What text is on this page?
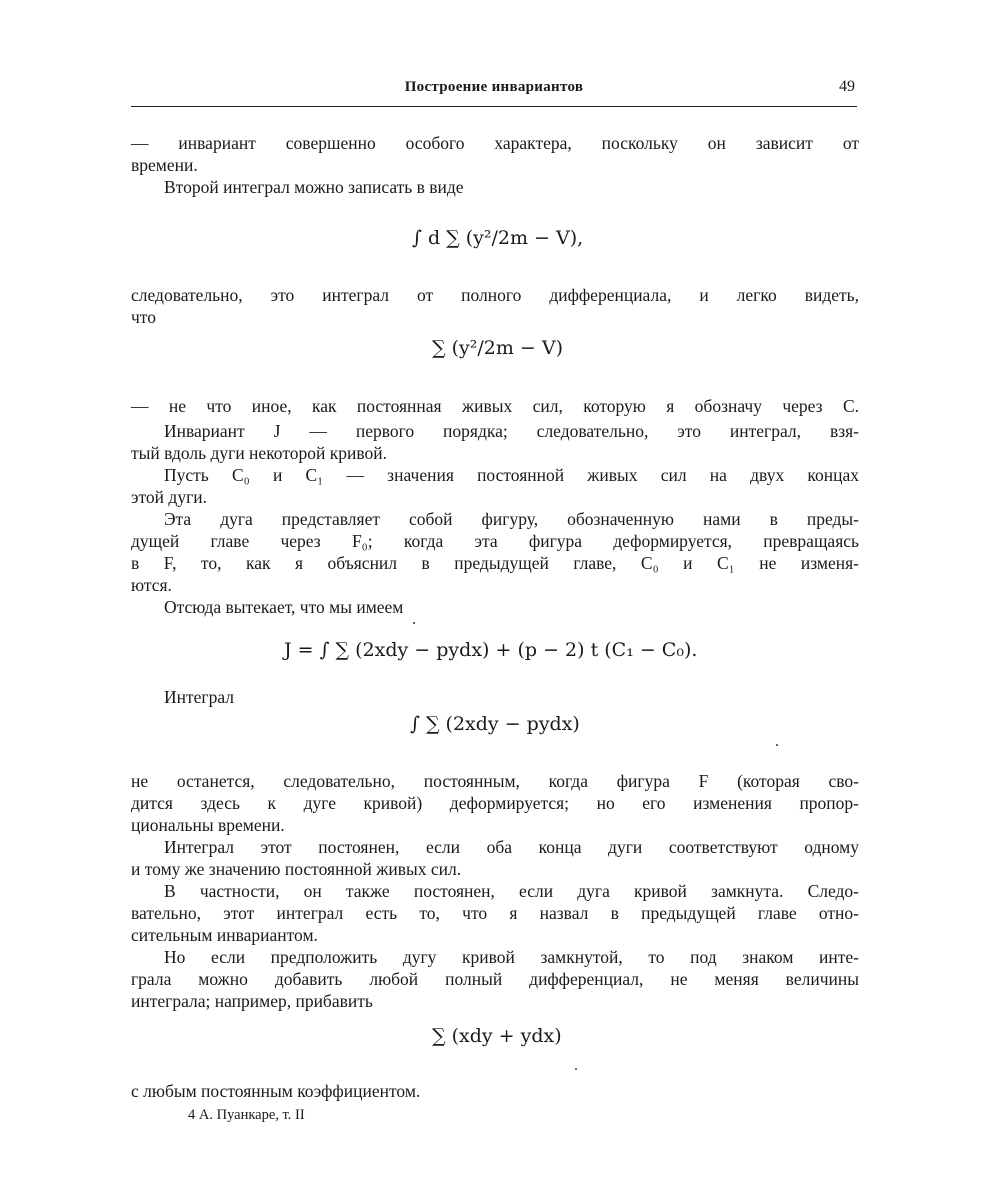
Построение инвариантов	49
— инвариант совершенно особого характера, поскольку он зависит от
времени.
Второй интеграл можно записать в виде
∫ d ∑ (y²/2m − V),
следовательно, это интеграл от полного дифференциала, и легко видеть,
что
∑ (y²/2m − V)
— не что иное, как постоянная живых сил, которую я обозначу через C.
Инвариант J — первого порядка; следовательно, это интеграл, взя-
тый вдоль дуги некоторой кривой.
Пусть C₀ и C₁ — значения постоянной живых сил на двух концах
этой дуги.
Эта дуга представляет собой фигуру, обозначенную нами в преды-
дущей главе через F₀; когда эта фигура деформируется, превращаясь
в F, то, как я объяснил в предыдущей главе, C₀ и C₁ не изменя-
ются.
Отсюда вытекает, что мы имеем
J = ∫ ∑ (2xdy − pydx) + (p − 2) t (C₁ − C₀).
Интеграл
∫ ∑ (2xdy − pydx)
не останется, следовательно, постоянным, когда фигура F (которая сво-
дится здесь к дуге кривой) деформируется; но его изменения пропор-
циональны времени.
Интеграл этот постоянен, если оба конца дуги соответствуют одному
и тому же значению постоянной живых сил.
В частности, он также постоянен, если дуга кривой замкнута. Следо-
вательно, этот интеграл есть то, что я назвал в предыдущей главе отно-
сительным инвариантом.
Но если предположить дугу кривой замкнутой, то под знаком инте-
грала можно добавить любой полный дифференциал, не меняя величины
интеграла; например, прибавить
∑ (xdy + ydx)
с любым постоянным коэффициентом.
4 А. Пуанкаре, т. II
